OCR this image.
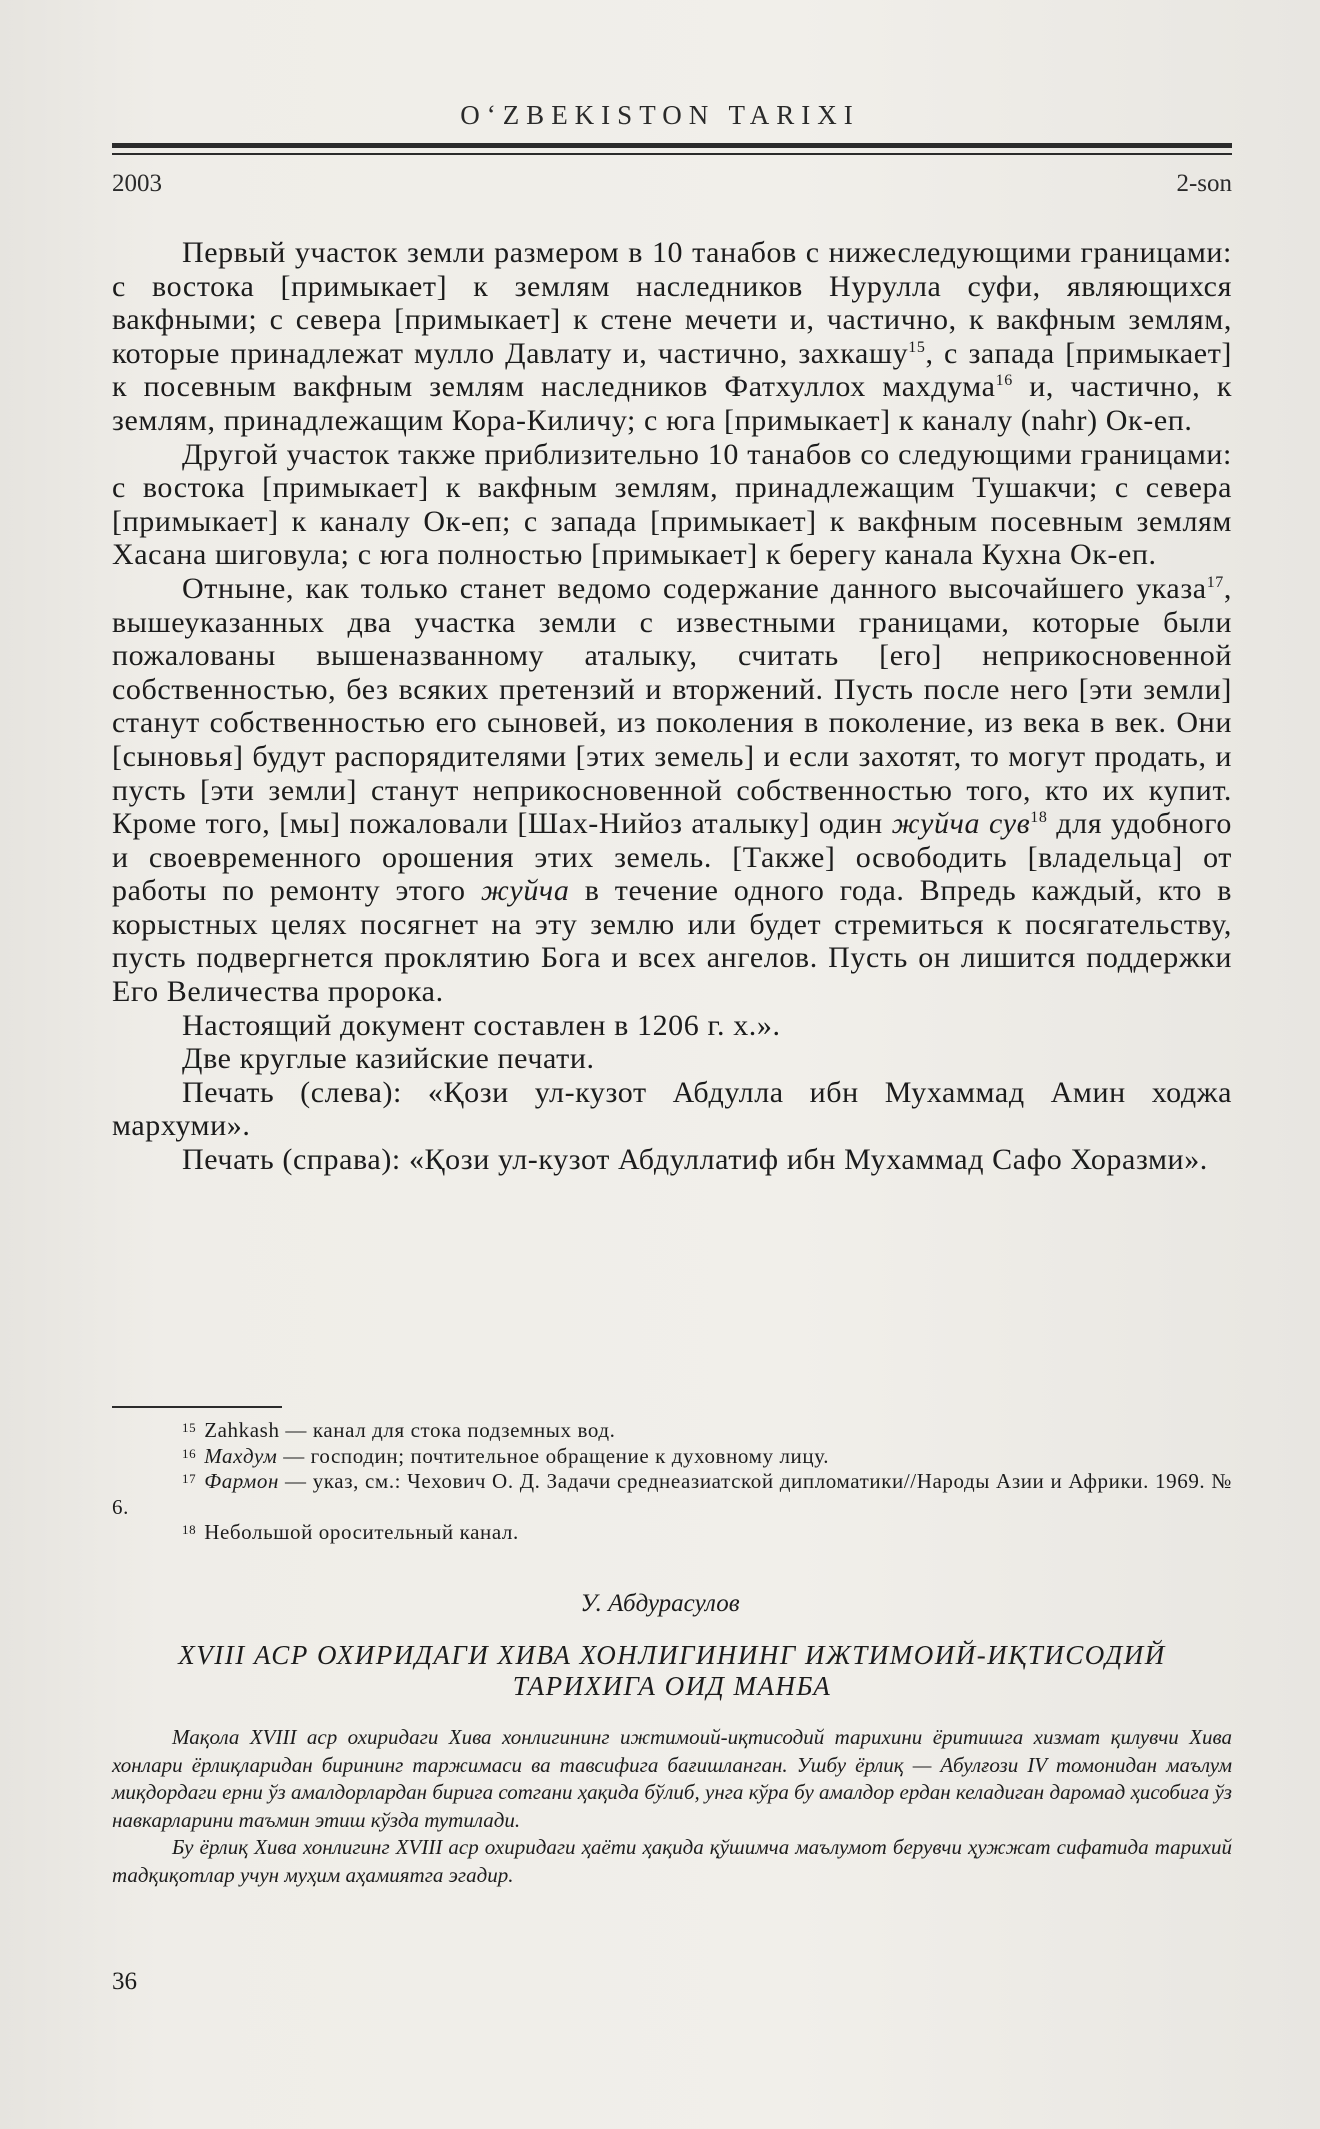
O‘ZBEKISTON TARIXI
2003	2-son

Первый участок земли размером в 10 танабов с нижеследующими границами: с востока [примыкает] к землям наследников Нурулла суфи, являющихся вакфными; с севера [примыкает] к стене мечети и, частично, к вакфным землям, которые принадлежат мулло Давлату и, частично, захкашу$^{15}$, с запада [примыкает] к посевным вакфным землям наследников Фатхуллох махдума$^{16}$ и, частично, к землям, принадлежащим Кора-Киличу; с юга [примыкает] к каналу (nahr) Ок-еп.

Другой участок также приблизительно 10 танабов со следующими границами: с востока [примыкает] к вакфным землям, принадлежащим Тушакчи; с севера [примыкает] к каналу Ок-еп; с запада [примыкает] к вакфным посевным землям Хасана шиговула; с юга полностью [примыкает] к берегу канала Кухна Ок-еп.

Отныне, как только станет ведомо содержание данного высочайшего указа$^{17}$, вышеуказанных два участка земли с известными границами, которые были пожалованы вышеназванному аталыку, считать [его] неприкосновенной собственностью, без всяких претензий и вторжений. Пусть после него [эти земли] станут собственностью его сыновей, из поколения в поколение, из века в век. Они [сыновья] будут распорядителями [этих земель] и если захотят, то могут продать, и пусть [эти земли] станут неприкосновенной собственностью того, кто их купит. Кроме того, [мы] пожаловали [Шах-Нийоз аталыку] один жуйча сув$^{18}$ для удобного и своевременного орошения этих земель. [Также] освободить [владельца] от работы по ремонту этого жуйча в течение одного года. Впредь каждый, кто в корыстных целях посягнет на эту землю или будет стремиться к посягательству, пусть подвергнется проклятию Бога и всех ангелов. Пусть он лишится поддержки Его Величества пророка.

Настоящий документ составлен в 1206 г. х.».

Две круглые казийские печати.

Печать (слева): «Қози ул-кузот Абдулла ибн Мухаммад Амин ходжа мархуми».

Печать (справа): «Қози ул-кузот Абдуллатиф ибн Мухаммад Сафо Хоразми».

$^{15}$ Zahkash — канал для стока подземных вод.

$^{16}$ Махдум — господин; почтительное обращение к духовному лицу.

$^{17}$ Фармон — указ, см.: Чехович О. Д. Задачи среднеазиатской дипломатики//Народы Азии и Африки. 1969. № 6.

$^{18}$ Небольшой оросительный канал.

У. Абдурасулов
XVIII АСР ОХИРИДАГИ ХИВА ХОНЛИГИНИНГ ИЖТИМОИЙ-ИҚТИСОДИЙ ТАРИХИГА ОИД МАНБА

Мақола XVIII аср охиридаги Хива хонлигининг ижтимоий-иқтисодий тарихини ёритишга хизмат қилувчи Хива хонлари ёрлиқларидан бирининг таржимаси ва тавсифига бағишланган. Ушбу ёрлиқ — Абулғози IV томонидан маълум миқдордаги ерни ўз амалдорлардан бирига сотгани ҳақида бўлиб, унга кўра бу амалдор ердан келадиган даромад ҳисобига ўз навкарларини таъмин этиш кўзда тутилади.

Бу ёрлиқ Хива хонлигинг XVIII аср охиридаги ҳаёти ҳақида қўшимча маълумот берувчи ҳужжат сифатида тарихий тадқиқотлар учун муҳим аҳамиятга эгадир.

36
